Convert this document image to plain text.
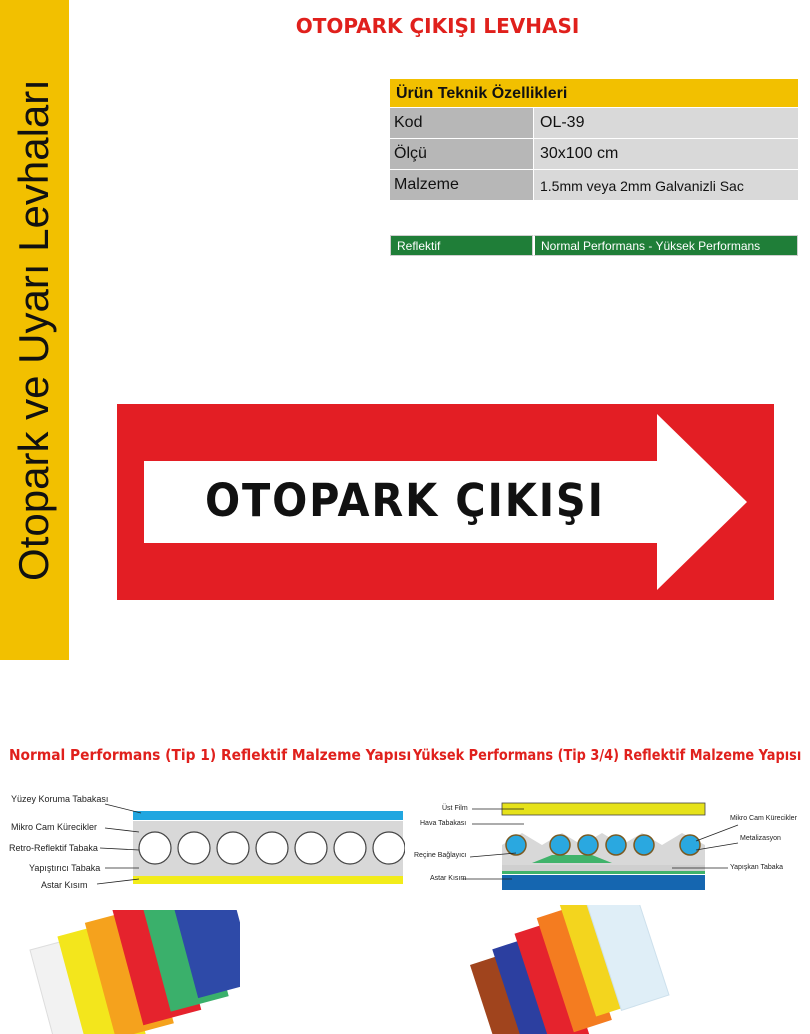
Otopark ve Uyarı Levhaları
OTOPARK ÇIKIŞI LEVHASI
Ürün Teknik Özellikleri
Kod	OL-39
Ölçü	30x100 cm
Malzeme	1.5mm veya 2mm Galvanizli Sac
Reflektif	Normal Performans - Yüksek Performans
OTOPARK ÇIKIŞI
Normal Performans (Tip 1) Reflektif Malzeme Yapısı Yüksek Performans (Tip 3/4) Reflektif Malzeme Yapısı
Yüzey Koruma Tabakası
Mikro Cam Kürecikler
Retro-Reflektif Tabaka
Yapıştırıcı Tabaka
Astar Kısım
Üst Film
Hava Tabakası
Reçine Bağlayıcı
Astar Kısım
Mikro Cam Kürecikler
Metalizasyon
Yapışkan Tabaka
